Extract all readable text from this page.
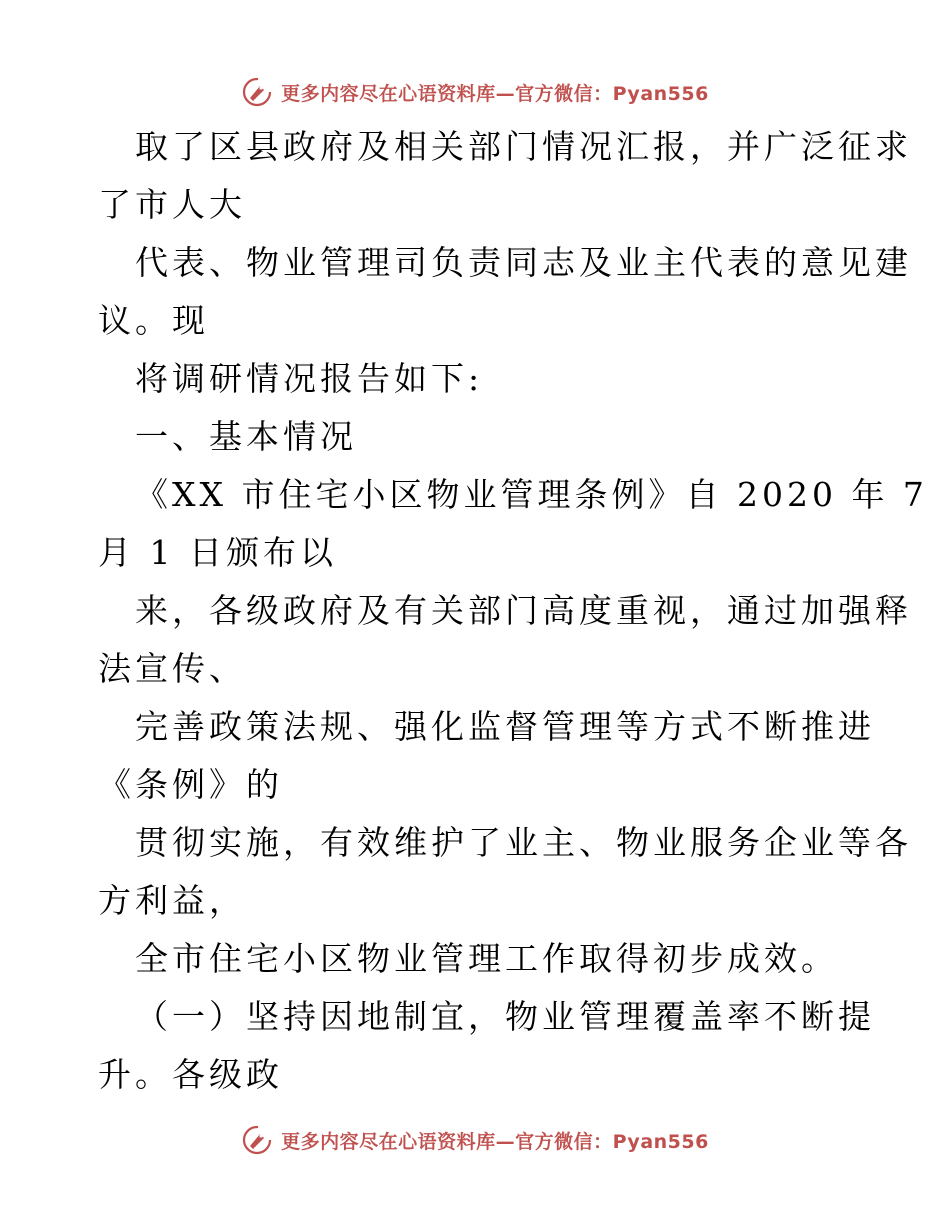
更多内容尽在心语资料库—官方微信：Pyan556
取了区县政府及相关部门情况汇报，并广泛征求
了市人大
代表、物业管理司负责同志及业主代表的意见建
议。现
将调研情况报告如下:
一、基本情况
《XX 市住宅小区物业管理条例》自 2020 年 7
月 1 日颁布以
来，各级政府及有关部门高度重视，通过加强释
法宣传、
完善政策法规、强化监督管理等方式不断推进
《条例》的
贯彻实施，有效维护了业主、物业服务企业等各
方利益，
全市住宅小区物业管理工作取得初步成效。
（一）坚持因地制宜，物业管理覆盖率不断提
升。各级政
更多内容尽在心语资料库—官方微信：Pyan556
